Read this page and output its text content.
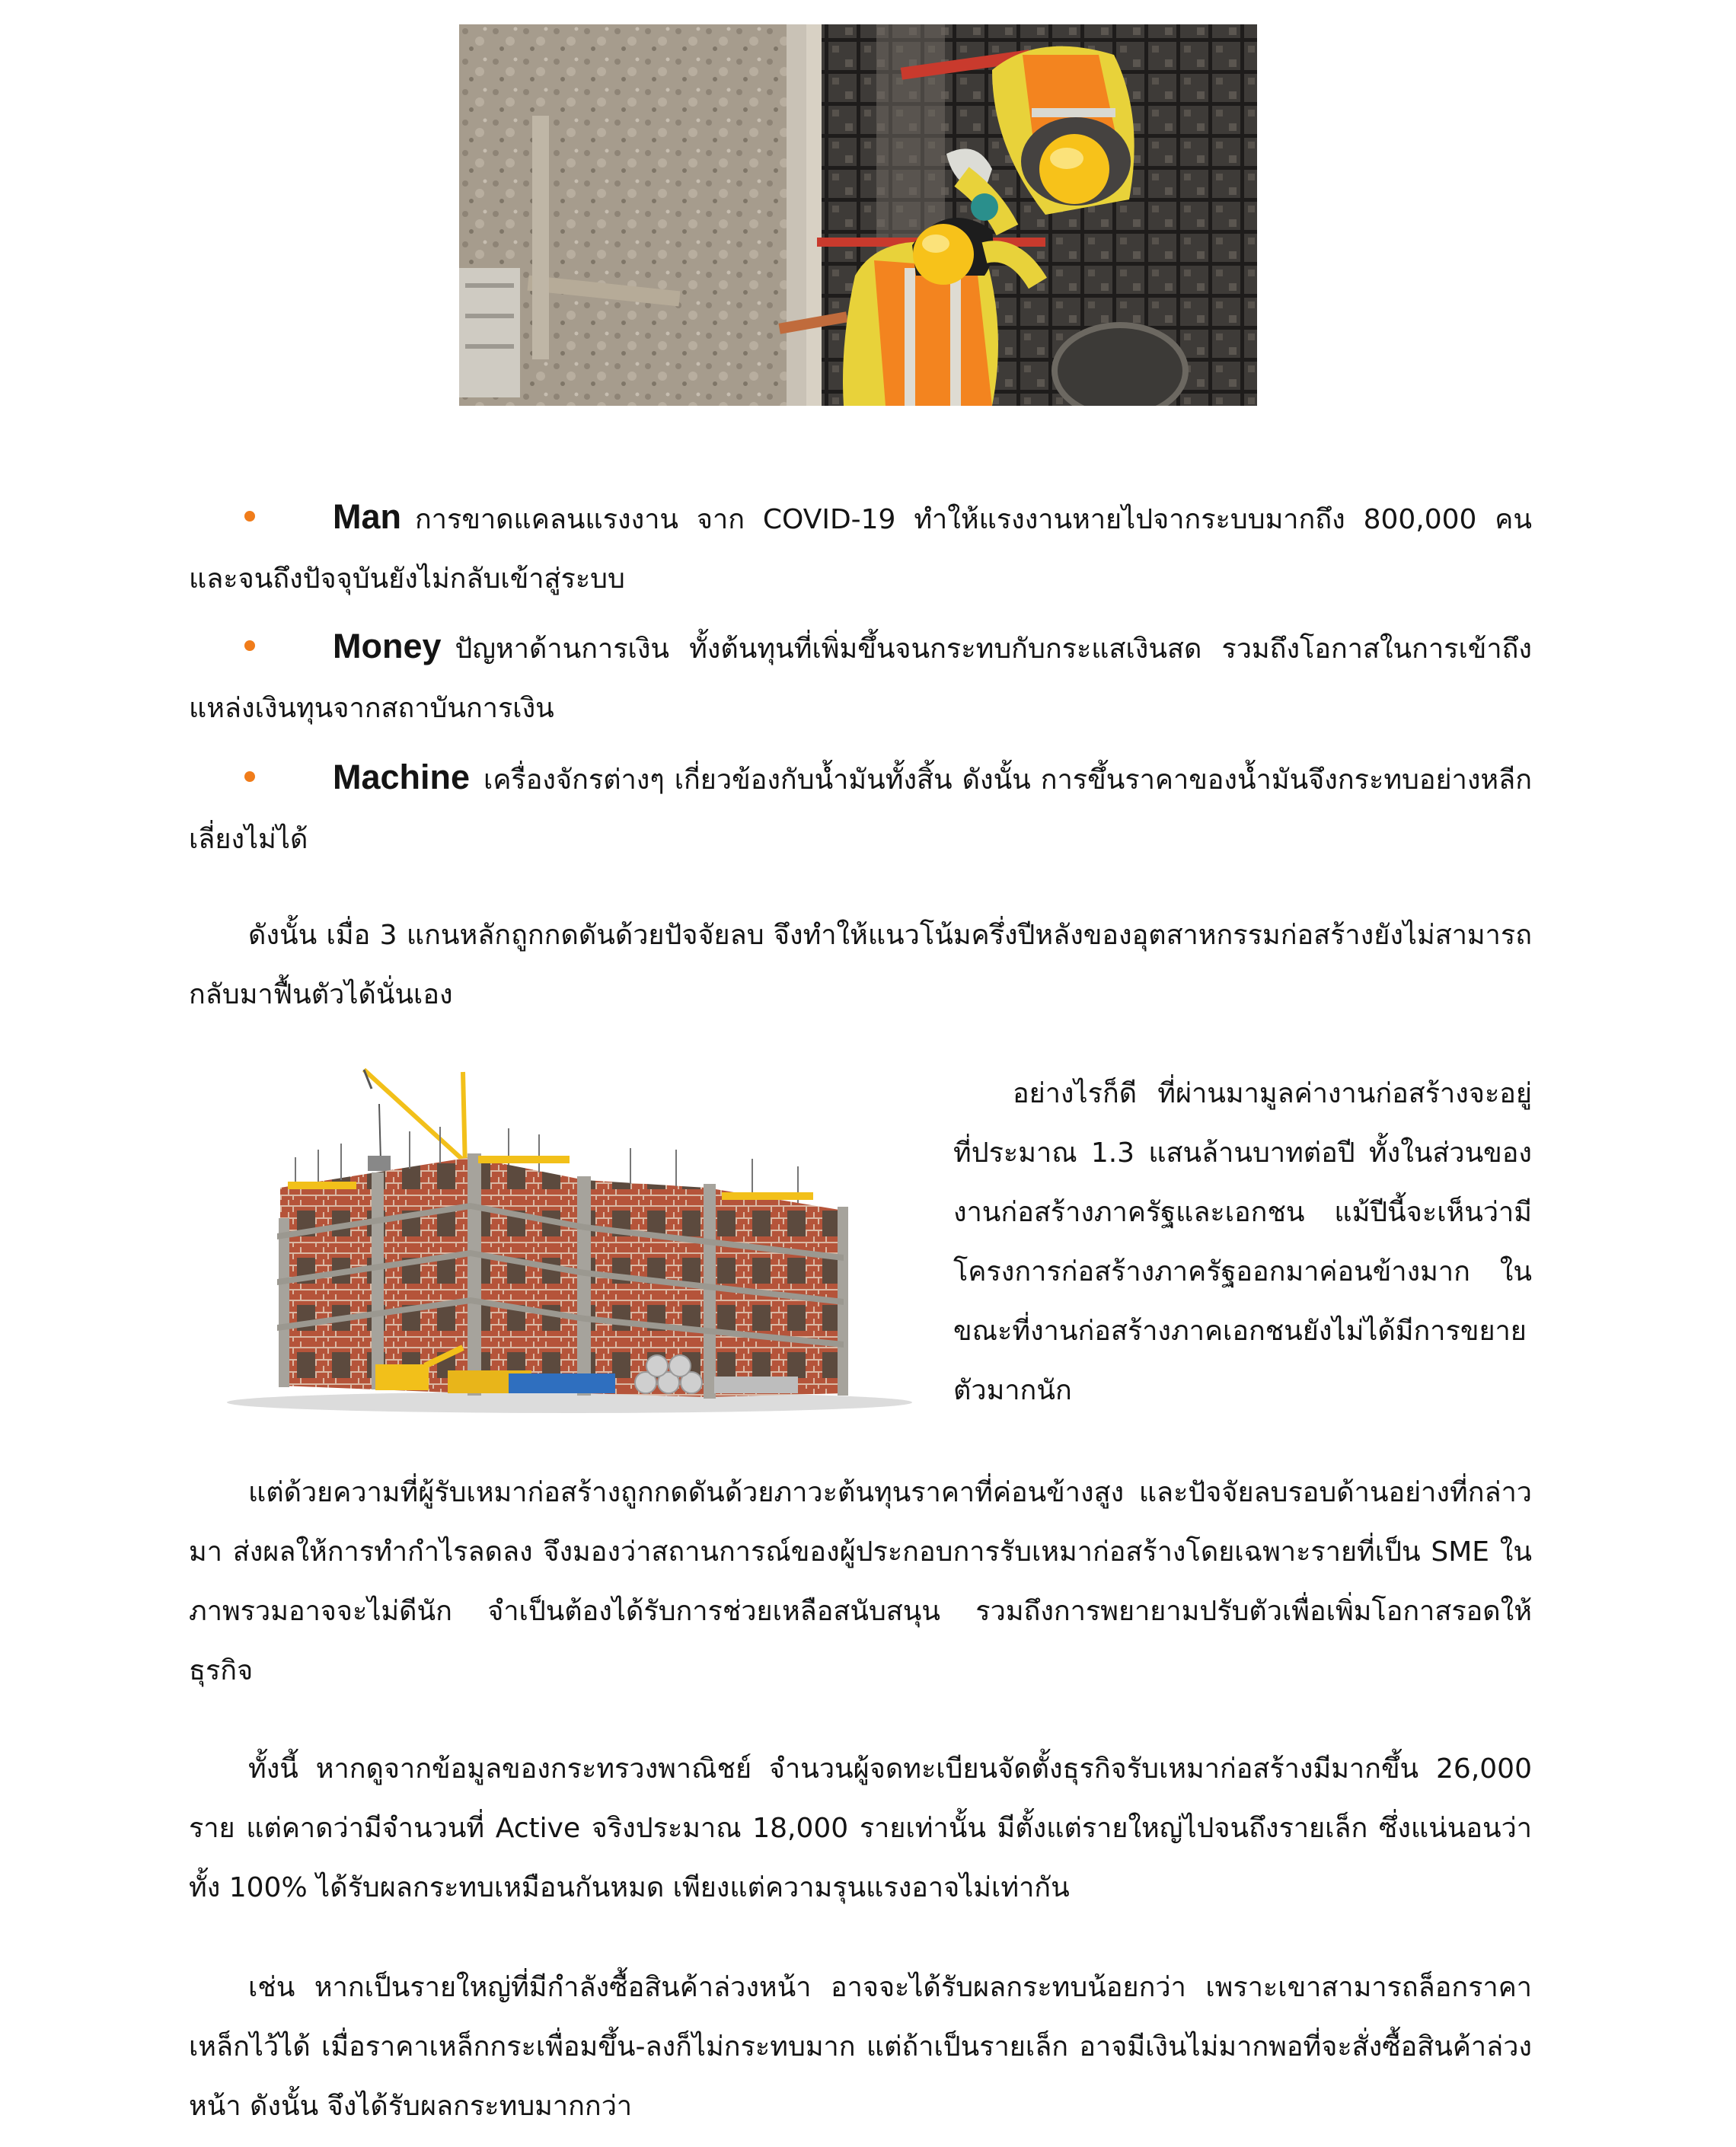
Man การขาดแคลนแรงงาน จาก COVID-19 ทำให้แรงงานหายไปจากระบบมากถึง 800,000 คน และจนถึงปัจจุบันยังไม่กลับเข้าสู่ระบบ

Money ปัญหาด้านการเงิน ทั้งต้นทุนที่เพิ่มขึ้นจนกระทบกับกระแสเงินสด รวมถึงโอกาสในการเข้าถึงแหล่งเงินทุนจากสถาบันการเงิน

Machine เครื่องจักรต่างๆ เกี่ยวข้องกับน้ำมันทั้งสิ้น ดังนั้น การขึ้นราคาของน้ำมันจึงกระทบอย่างหลีกเลี่ยงไม่ได้

ดังนั้น เมื่อ 3 แกนหลักถูกกดดันด้วยปัจจัยลบ จึงทำให้แนวโน้มครึ่งปีหลังของอุตสาหกรรมก่อสร้างยังไม่สามารถกลับมาฟื้นตัวได้นั่นเอง

อย่างไรก็ดี ที่ผ่านมามูลค่างานก่อสร้างจะอยู่ที่ประมาณ 1.3 แสนล้านบาทต่อปี ทั้งในส่วนของงานก่อสร้างภาครัฐและเอกชน แม้ปีนี้จะเห็นว่ามีโครงการก่อสร้างภาครัฐออกมาค่อนข้างมาก ในขณะที่งานก่อสร้างภาคเอกชนยังไม่ได้มีการขยายตัวมากนัก

แต่ด้วยความที่ผู้รับเหมาก่อสร้างถูกกดดันด้วยภาวะต้นทุนราคาที่ค่อนข้างสูง และปัจจัยลบรอบด้านอย่างที่กล่าวมา ส่งผลให้การทำกำไรลดลง จึงมองว่าสถานการณ์ของผู้ประกอบการรับเหมาก่อสร้างโดยเฉพาะรายที่เป็น SME ในภาพรวมอาจจะไม่ดีนัก จำเป็นต้องได้รับการช่วยเหลือสนับสนุน รวมถึงการพยายามปรับตัวเพื่อเพิ่มโอกาสรอดให้ธุรกิจ

ทั้งนี้ หากดูจากข้อมูลของกระทรวงพาณิชย์ จำนวนผู้จดทะเบียนจัดตั้งธุรกิจรับเหมาก่อสร้างมีมากขึ้น 26,000 ราย แต่คาดว่ามีจำนวนที่ Active จริงประมาณ 18,000 รายเท่านั้น มีตั้งแต่รายใหญ่ไปจนถึงรายเล็ก ซึ่งแน่นอนว่าทั้ง 100% ได้รับผลกระทบเหมือนกันหมด เพียงแต่ความรุนแรงอาจไม่เท่ากัน

เช่น หากเป็นรายใหญ่ที่มีกำลังซื้อสินค้าล่วงหน้า อาจจะได้รับผลกระทบน้อยกว่า เพราะเขาสามารถล็อกราคาเหล็กไว้ได้ เมื่อราคาเหล็กกระเพื่อมขึ้น-ลงก็ไม่กระทบมาก แต่ถ้าเป็นรายเล็ก อาจมีเงินไม่มากพอที่จะสั่งซื้อสินค้าล่วงหน้า ดังนั้น จึงได้รับผลกระทบมากกว่า
